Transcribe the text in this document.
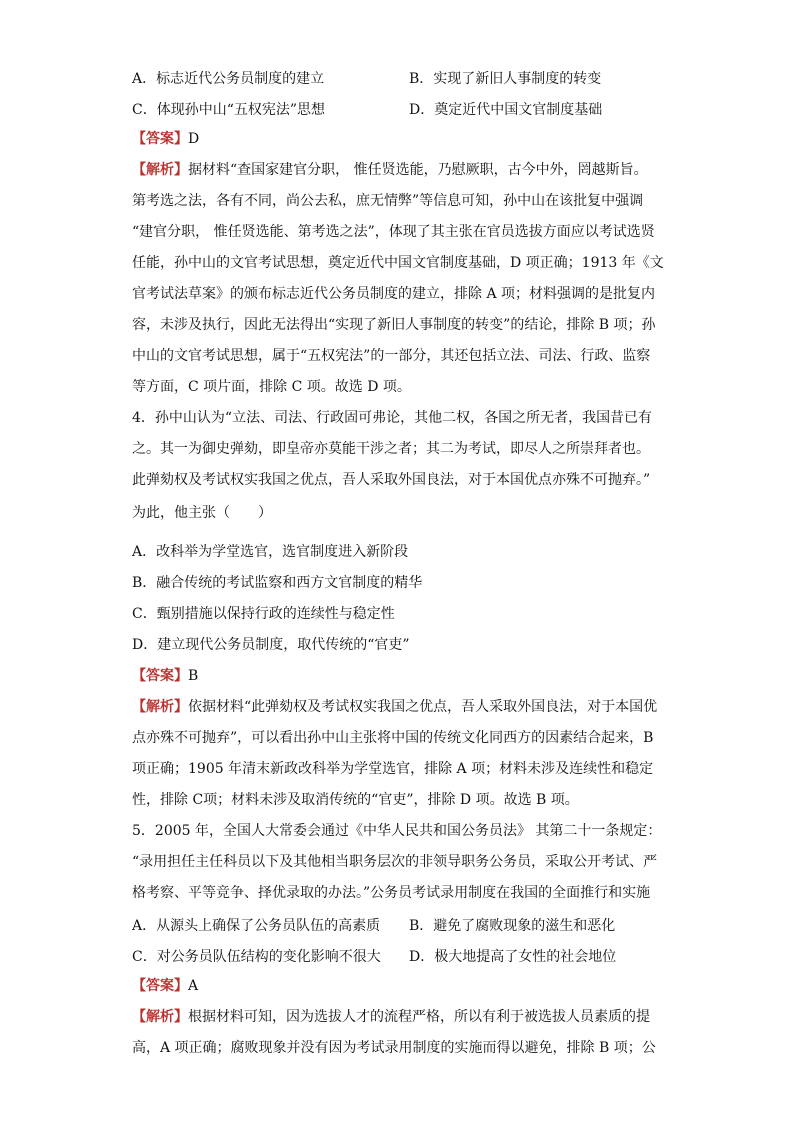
A．标志近代公务员制度的建立	B．实现了新旧人事制度的转变
C．体现孙中山“五权宪法”思想	D．奠定近代中国文官制度基础
【答案】D
【解析】据材料“查国家建官分职， 惟任贤选能，乃慰厥职，古今中外，罔越斯旨。
第考选之法，各有不同，尚公去私，庶无情弊”等信息可知，孙中山在该批复中强调
“建官分职， 惟任贤选能、第考选之法”，体现了其主张在官员选拔方面应以考试选贤
任能，孙中山的文官考试思想，奠定近代中国文官制度基础，D 项正确；1913 年《文
官考试法草案》的颁布标志近代公务员制度的建立，排除 A 项；材料强调的是批复内
容，未涉及执行，因此无法得出“实现了新旧人事制度的转变”的结论，排除 B 项；孙
中山的文官考试思想，属于“五权宪法”的一部分，其还包括立法、司法、行政、监察
等方面，C 项片面，排除 C 项。故选 D 项。
4．孙中山认为“立法、司法、行政固可弗论，其他二权，各国之所无者，我国昔已有
之。其一为御史弹劾，即皇帝亦莫能干涉之者；其二为考试，即尽人之所崇拜者也。
此弹劾权及考试权实我国之优点，吾人采取外国良法，对于本国优点亦殊不可抛弃。”
为此，他主张（　　）
A．改科举为学堂选官，选官制度进入新阶段
B．融合传统的考试监察和西方文官制度的精华
C．甄别措施以保持行政的连续性与稳定性
D．建立现代公务员制度，取代传统的“官吏”
【答案】B
【解析】依据材料“此弹劾权及考试权实我国之优点，吾人采取外国良法，对于本国优
点亦殊不可抛弃”，可以看出孙中山主张将中国的传统文化同西方的因素结合起来，B
项正确；1905 年清末新政改科举为学堂选官，排除 A 项；材料未涉及连续性和稳定
性，排除 C项；材料未涉及取消传统的“官吏”，排除 D 项。故选 B 项。
5．2005 年，全国人大常委会通过《中华人民共和国公务员法》 其第二十一条规定：
“录用担任主任科员以下及其他相当职务层次的非领导职务公务员，采取公开考试、严
格考察、平等竞争、择优录取的办法。”公务员考试录用制度在我国的全面推行和实施
A．从源头上确保了公务员队伍的高素质	B．避免了腐败现象的滋生和恶化
C．对公务员队伍结构的变化影响不很大	D．极大地提高了女性的社会地位
【答案】A
【解析】根据材料可知，因为选拔人才的流程严格，所以有利于被选拔人员素质的提
高，A 项正确；腐败现象并没有因为考试录用制度的实施而得以避免，排除 B 项；公
